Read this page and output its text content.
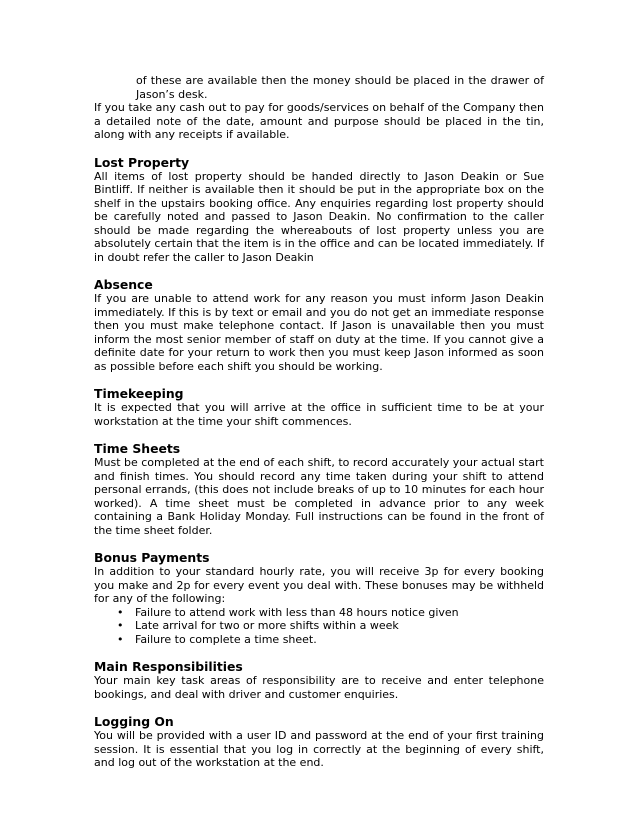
of these are available then the money should be placed in the drawer of Jason’s desk.

If you take any cash out to pay for goods/services on behalf of the Company then a detailed note of the date, amount and purpose should be placed in the tin, along with any receipts if available.

Lost Property

All items of lost property should be handed directly to Jason Deakin or Sue Bintliff. If neither is available then it should be put in the appropriate box on the shelf in the upstairs booking office. Any enquiries regarding lost property should be carefully noted and passed to Jason Deakin. No confirmation to the caller should be made regarding the whereabouts of lost property unless you are absolutely certain that the item is in the office and can be located immediately. If in doubt refer the caller to Jason Deakin

Absence

If you are unable to attend work for any reason you must inform Jason Deakin immediately. If this is by text or email and you do not get an immediate response then you must make telephone contact. If Jason is unavailable then you must inform the most senior member of staff on duty at the time. If you cannot give a definite date for your return to work then you must keep Jason informed as soon as possible before each shift you should be working.

Timekeeping

It is expected that you will arrive at the office in sufficient time to be at your workstation at the time your shift commences.

Time Sheets

Must be completed at the end of each shift, to record accurately your actual start and finish times. You should record any time taken during your shift to attend personal errands, (this does not include breaks of up to 10 minutes for each hour worked). A time sheet must be completed in advance prior to any week containing a Bank Holiday Monday. Full instructions can be found in the front of the time sheet folder.

Bonus Payments

In addition to your standard hourly rate, you will receive 3p for every booking you make and 2p for every event you deal with. These bonuses may be withheld for any of the following:

• Failure to attend work with less than 48 hours notice given
• Late arrival for two or more shifts within a week
• Failure to complete a time sheet.
Main Responsibilities

Your main key task areas of responsibility are to receive and enter telephone bookings, and deal with driver and customer enquiries.

Logging On

You will be provided with a user ID and password at the end of your first training session. It is essential that you log in correctly at the beginning of every shift, and log out of the workstation at the end.
